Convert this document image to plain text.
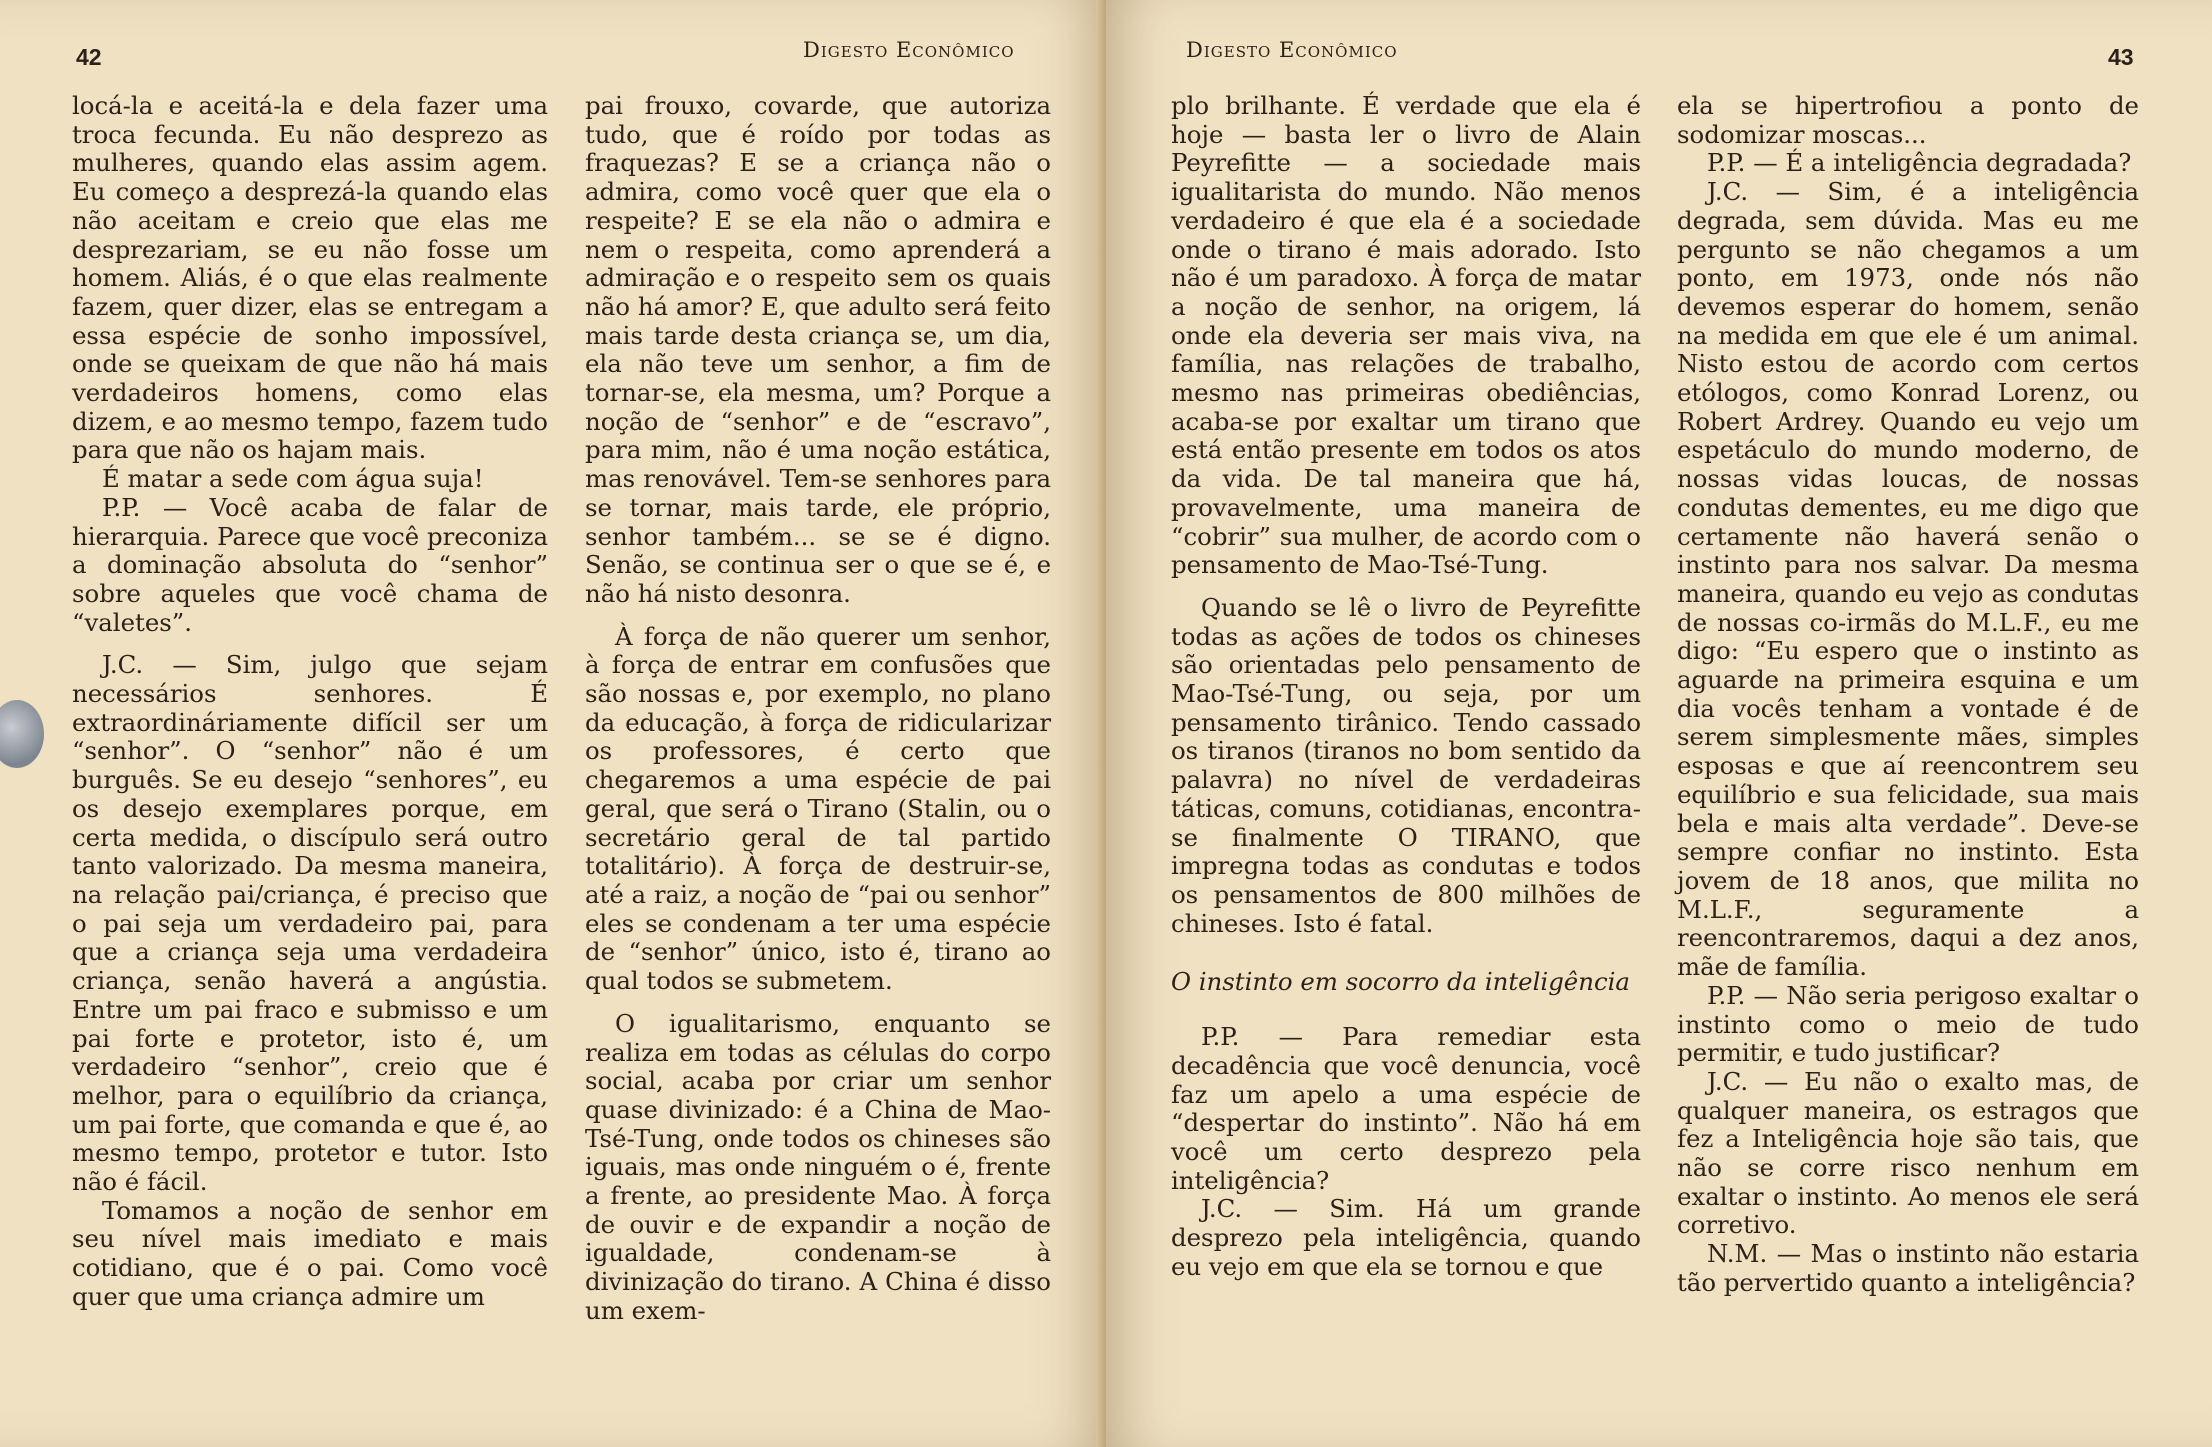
42	Digesto Econômico

locá-la e aceitá-la e dela fazer uma troca fecunda. Eu não desprezo as mulheres, quando elas assim agem. Eu começo a desprezá-la quando elas não aceitam e creio que elas me desprezariam, se eu não fosse um homem. Aliás, é o que elas realmente fazem, quer dizer, elas se entregam a essa espécie de sonho impossível, onde se queixam de que não há mais verdadeiros homens, como elas dizem, e ao mesmo tempo, fazem tudo para que não os hajam mais.

É matar a sede com água suja!

P.P. — Você acaba de falar de hierarquia. Parece que você preconiza a dominação absoluta do “senhor” sobre aqueles que você chama de “valetes”.

J.C. — Sim, julgo que sejam necessários senhores. É extraordináriamente difícil ser um “senhor”. O “senhor” não é um burguês. Se eu desejo “senhores”, eu os desejo exemplares porque, em certa medida, o discípulo será outro tanto valorizado. Da mesma maneira, na relação pai/criança, é preciso que o pai seja um verdadeiro pai, para que a criança seja uma verdadeira criança, senão haverá a angústia. Entre um pai fraco e submisso e um pai forte e protetor, isto é, um verdadeiro “senhor”, creio que é melhor, para o equilíbrio da criança, um pai forte, que comanda e que é, ao mesmo tempo, protetor e tutor. Isto não é fácil.

Tomamos a noção de senhor em seu nível mais imediato e mais cotidiano, que é o pai. Como você quer que uma criança admire um

pai frouxo, covarde, que autoriza tudo, que é roído por todas as fraquezas? E se a criança não o admira, como você quer que ela o respeite? E se ela não o admira e nem o respeita, como aprenderá a admiração e o respeito sem os quais não há amor? E, que adulto será feito mais tarde desta criança se, um dia, ela não teve um senhor, a fim de tornar-se, ela mesma, um? Porque a noção de “senhor” e de “escravo”, para mim, não é uma noção estática, mas renovável. Tem-se senhores para se tornar, mais tarde, ele próprio, senhor também... se se é digno. Senão, se continua ser o que se é, e não há nisto desonra.

À força de não querer um senhor, à força de entrar em confusões que são nossas e, por exemplo, no plano da educação, à força de ridicularizar os professores, é certo que chegaremos a uma espécie de pai geral, que será o Tirano (Stalin, ou o secretário geral de tal partido totalitário). À força de destruir-se, até a raiz, a noção de “pai ou senhor” eles se condenam a ter uma espécie de “senhor” único, isto é, tirano ao qual todos se submetem.

O igualitarismo, enquanto se realiza em todas as células do corpo social, acaba por criar um senhor quase divinizado: é a China de Mao-Tsé-Tung, onde todos os chineses são iguais, mas onde ninguém o é, frente a frente, ao presidente Mao. À força de ouvir e de expandir a noção de igualdade, condenam-se à divinização do tirano. A China é disso um exem-

Digesto Econômico	43

plo brilhante. É verdade que ela é hoje — basta ler o livro de Alain Peyrefitte — a sociedade mais igualitarista do mundo. Não menos verdadeiro é que ela é a sociedade onde o tirano é mais adorado. Isto não é um paradoxo. À força de matar a noção de senhor, na origem, lá onde ela deveria ser mais viva, na família, nas relações de trabalho, mesmo nas primeiras obediências, acaba-se por exaltar um tirano que está então presente em todos os atos da vida. De tal maneira que há, provavelmente, uma maneira de “cobrir” sua mulher, de acordo com o pensamento de Mao-Tsé-Tung.

Quando se lê o livro de Peyrefitte todas as ações de todos os chineses são orientadas pelo pensamento de Mao-Tsé-Tung, ou seja, por um pensamento tirânico. Tendo cassado os tiranos (tiranos no bom sentido da palavra) no nível de verdadeiras táticas, comuns, cotidianas, encontra-se finalmente O TIRANO, que impregna todas as condutas e todos os pensamentos de 800 milhões de chineses. Isto é fatal.

O instinto em socorro da inteligência

P.P. — Para remediar esta decadência que você denuncia, você faz um apelo a uma espécie de “despertar do instinto”. Não há em você um certo desprezo pela inteligência?

J.C. — Sim. Há um grande desprezo pela inteligência, quando eu vejo em que ela se tornou e que

ela se hipertrofiou a ponto de sodomizar moscas...

P.P. — É a inteligência degradada?

J.C. — Sim, é a inteligência degrada, sem dúvida. Mas eu me pergunto se não chegamos a um ponto, em 1973, onde nós não devemos esperar do homem, senão na medida em que ele é um animal. Nisto estou de acordo com certos etólogos, como Konrad Lorenz, ou Robert Ardrey. Quando eu vejo um espetáculo do mundo moderno, de nossas vidas loucas, de nossas condutas dementes, eu me digo que certamente não haverá senão o instinto para nos salvar. Da mesma maneira, quando eu vejo as condutas de nossas co-irmãs do M.L.F., eu me digo: “Eu espero que o instinto as aguarde na primeira esquina e um dia vocês tenham a vontade é de serem simplesmente mães, simples esposas e que aí reencontrem seu equilíbrio e sua felicidade, sua mais bela e mais alta verdade”. Deve-se sempre confiar no instinto. Esta jovem de 18 anos, que milita no M.L.F., seguramente a reencontraremos, daqui a dez anos, mãe de família.

P.P. — Não seria perigoso exaltar o instinto como o meio de tudo permitir, e tudo justificar?

J.C. — Eu não o exalto mas, de qualquer maneira, os estragos que fez a Inteligência hoje são tais, que não se corre risco nenhum em exaltar o instinto. Ao menos ele será corretivo.

N.M. — Mas o instinto não estaria tão pervertido quanto a inteligência?
